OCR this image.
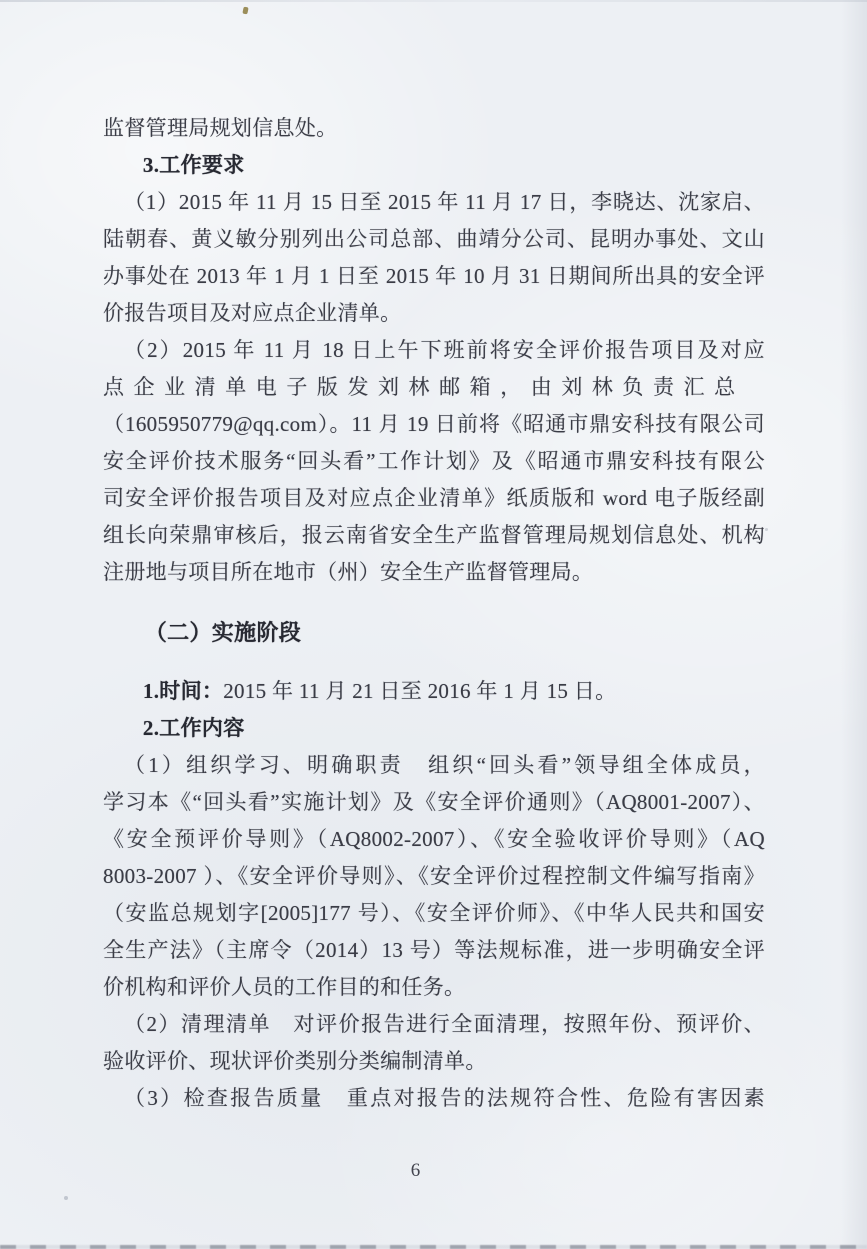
监督管理局规划信息处。
3.工作要求
（1）2015 年 11 月 15 日至 2015 年 11 月 17 日，李晓达、沈家启、
陆朝春、黄义敏分别列出公司总部、曲靖分公司、昆明办事处、文山
办事处在 2013 年 1 月 1 日至 2015 年 10 月 31 日期间所出具的安全评
价报告项目及对应点企业清单。
（2）2015 年 11 月 18 日上午下班前将安全评价报告项目及对应
点企业清单电子版发刘林邮箱，由刘林负责汇总
（1605950779@qq.com）。11 月 19 日前将《昭通市鼎安科技有限公司
安全评价技术服务“回头看”工作计划》及《昭通市鼎安科技有限公
司安全评价报告项目及对应点企业清单》纸质版和 word 电子版经副
组长向荣鼎审核后，报云南省安全生产监督管理局规划信息处、机构
注册地与项目所在地市（州）安全生产监督管理局。
（二）实施阶段
1.时间：2015 年 11 月 21 日至 2016 年 1 月 15 日。
2.工作内容
（1）组织学习、明确职责　组织“回头看”领导组全体成员，
学习本《“回头看”实施计划》及《安全评价通则》（AQ8001-2007）、
《安全预评价导则》（AQ8002-2007）、《安全验收评价导则》（AQ
8003-2007 ）、《安全评价导则》、《安全评价过程控制文件编写指南》
（安监总规划字[2005]177 号）、《安全评价师》、《中华人民共和国安
全生产法》（主席令（2014）13 号）等法规标准，进一步明确安全评
价机构和评价人员的工作目的和任务。
（2）清理清单　对评价报告进行全面清理，按照年份、预评价、
验收评价、现状评价类别分类编制清单。
（3）检查报告质量　重点对报告的法规符合性、危险有害因素
6
